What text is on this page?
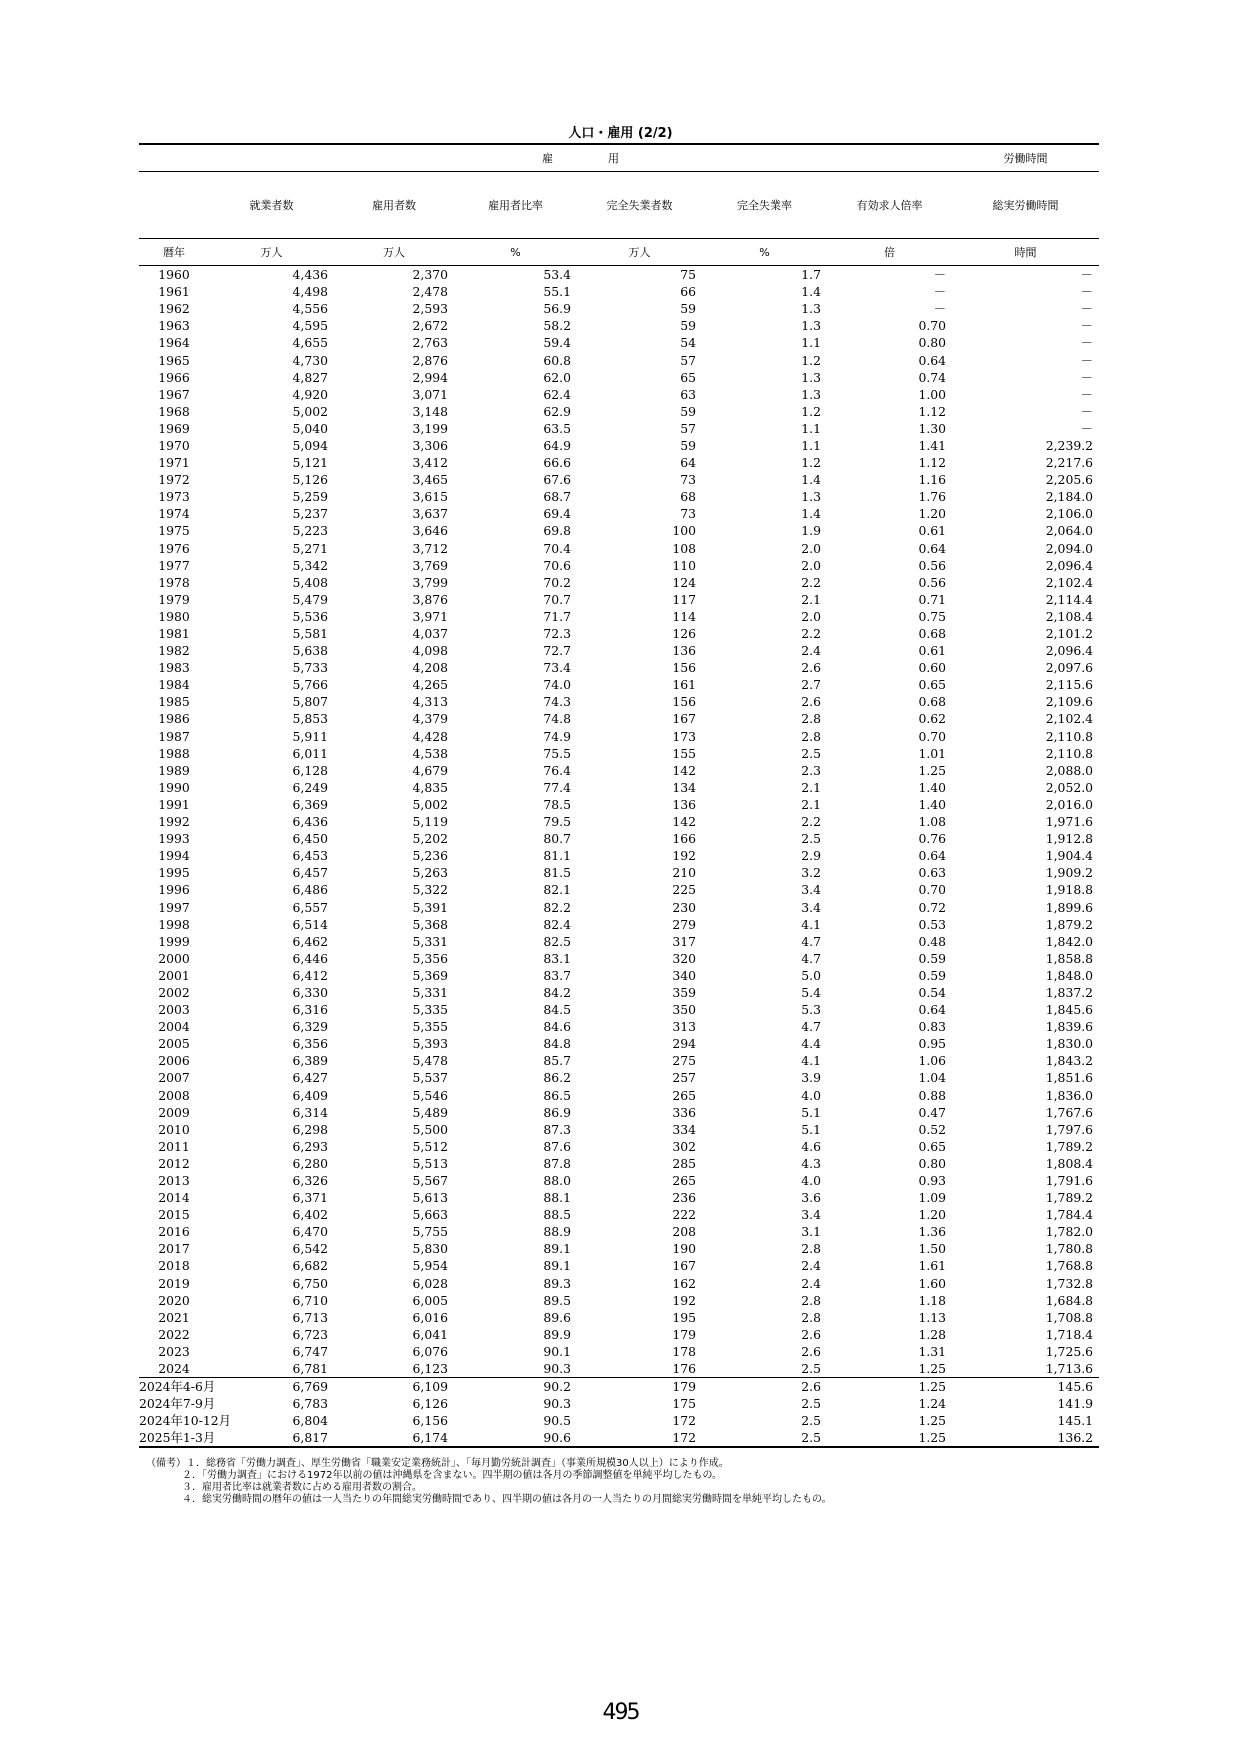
人口・雇用 (2/2)
	雇　　　　　用						労働時間
	就業者数	雇用者数	雇用者比率	完全失業者数	完全失業率	有効求人倍率	総実労働時間
暦年	万人	万人	%	万人	%	倍	時間
1960	4,436	2,370	53.4	75	1.7	－	－
1961	4,498	2,478	55.1	66	1.4	－	－
1962	4,556	2,593	56.9	59	1.3	－	－
1963	4,595	2,672	58.2	59	1.3	0.70	－
1964	4,655	2,763	59.4	54	1.1	0.80	－
1965	4,730	2,876	60.8	57	1.2	0.64	－
1966	4,827	2,994	62.0	65	1.3	0.74	－
1967	4,920	3,071	62.4	63	1.3	1.00	－
1968	5,002	3,148	62.9	59	1.2	1.12	－
1969	5,040	3,199	63.5	57	1.1	1.30	－
1970	5,094	3,306	64.9	59	1.1	1.41	2,239.2
1971	5,121	3,412	66.6	64	1.2	1.12	2,217.6
1972	5,126	3,465	67.6	73	1.4	1.16	2,205.6
1973	5,259	3,615	68.7	68	1.3	1.76	2,184.0
1974	5,237	3,637	69.4	73	1.4	1.20	2,106.0
1975	5,223	3,646	69.8	100	1.9	0.61	2,064.0
1976	5,271	3,712	70.4	108	2.0	0.64	2,094.0
1977	5,342	3,769	70.6	110	2.0	0.56	2,096.4
1978	5,408	3,799	70.2	124	2.2	0.56	2,102.4
1979	5,479	3,876	70.7	117	2.1	0.71	2,114.4
1980	5,536	3,971	71.7	114	2.0	0.75	2,108.4
1981	5,581	4,037	72.3	126	2.2	0.68	2,101.2
1982	5,638	4,098	72.7	136	2.4	0.61	2,096.4
1983	5,733	4,208	73.4	156	2.6	0.60	2,097.6
1984	5,766	4,265	74.0	161	2.7	0.65	2,115.6
1985	5,807	4,313	74.3	156	2.6	0.68	2,109.6
1986	5,853	4,379	74.8	167	2.8	0.62	2,102.4
1987	5,911	4,428	74.9	173	2.8	0.70	2,110.8
1988	6,011	4,538	75.5	155	2.5	1.01	2,110.8
1989	6,128	4,679	76.4	142	2.3	1.25	2,088.0
1990	6,249	4,835	77.4	134	2.1	1.40	2,052.0
1991	6,369	5,002	78.5	136	2.1	1.40	2,016.0
1992	6,436	5,119	79.5	142	2.2	1.08	1,971.6
1993	6,450	5,202	80.7	166	2.5	0.76	1,912.8
1994	6,453	5,236	81.1	192	2.9	0.64	1,904.4
1995	6,457	5,263	81.5	210	3.2	0.63	1,909.2
1996	6,486	5,322	82.1	225	3.4	0.70	1,918.8
1997	6,557	5,391	82.2	230	3.4	0.72	1,899.6
1998	6,514	5,368	82.4	279	4.1	0.53	1,879.2
1999	6,462	5,331	82.5	317	4.7	0.48	1,842.0
2000	6,446	5,356	83.1	320	4.7	0.59	1,858.8
2001	6,412	5,369	83.7	340	5.0	0.59	1,848.0
2002	6,330	5,331	84.2	359	5.4	0.54	1,837.2
2003	6,316	5,335	84.5	350	5.3	0.64	1,845.6
2004	6,329	5,355	84.6	313	4.7	0.83	1,839.6
2005	6,356	5,393	84.8	294	4.4	0.95	1,830.0
2006	6,389	5,478	85.7	275	4.1	1.06	1,843.2
2007	6,427	5,537	86.2	257	3.9	1.04	1,851.6
2008	6,409	5,546	86.5	265	4.0	0.88	1,836.0
2009	6,314	5,489	86.9	336	5.1	0.47	1,767.6
2010	6,298	5,500	87.3	334	5.1	0.52	1,797.6
2011	6,293	5,512	87.6	302	4.6	0.65	1,789.2
2012	6,280	5,513	87.8	285	4.3	0.80	1,808.4
2013	6,326	5,567	88.0	265	4.0	0.93	1,791.6
2014	6,371	5,613	88.1	236	3.6	1.09	1,789.2
2015	6,402	5,663	88.5	222	3.4	1.20	1,784.4
2016	6,470	5,755	88.9	208	3.1	1.36	1,782.0
2017	6,542	5,830	89.1	190	2.8	1.50	1,780.8
2018	6,682	5,954	89.1	167	2.4	1.61	1,768.8
2019	6,750	6,028	89.3	162	2.4	1.60	1,732.8
2020	6,710	6,005	89.5	192	2.8	1.18	1,684.8
2021	6,713	6,016	89.6	195	2.8	1.13	1,708.8
2022	6,723	6,041	89.9	179	2.6	1.28	1,718.4
2023	6,747	6,076	90.1	178	2.6	1.31	1,725.6
2024	6,781	6,123	90.3	176	2.5	1.25	1,713.6
2024年4-6月	6,769	6,109	90.2	179	2.6	1.25	145.6
2024年7-9月	6,783	6,126	90.3	175	2.5	1.24	141.9
2024年10-12月	6,804	6,156	90.5	172	2.5	1.25	145.1
2025年1-3月	6,817	6,174	90.6	172	2.5	1.25	136.2
（備考）１．総務省「労働力調査」、厚生労働省「職業安定業務統計」、「毎月勤労統計調査」（事業所規模30人以上）により作成。
２．「労働力調査」における1972年以前の値は沖縄県を含まない。四半期の値は各月の季節調整値を単純平均したもの。
３．雇用者比率は就業者数に占める雇用者数の割合。
４．総実労働時間の暦年の値は一人当たりの年間総実労働時間であり、四半期の値は各月の一人当たりの月間総実労働時間を単純平均したもの。
495
